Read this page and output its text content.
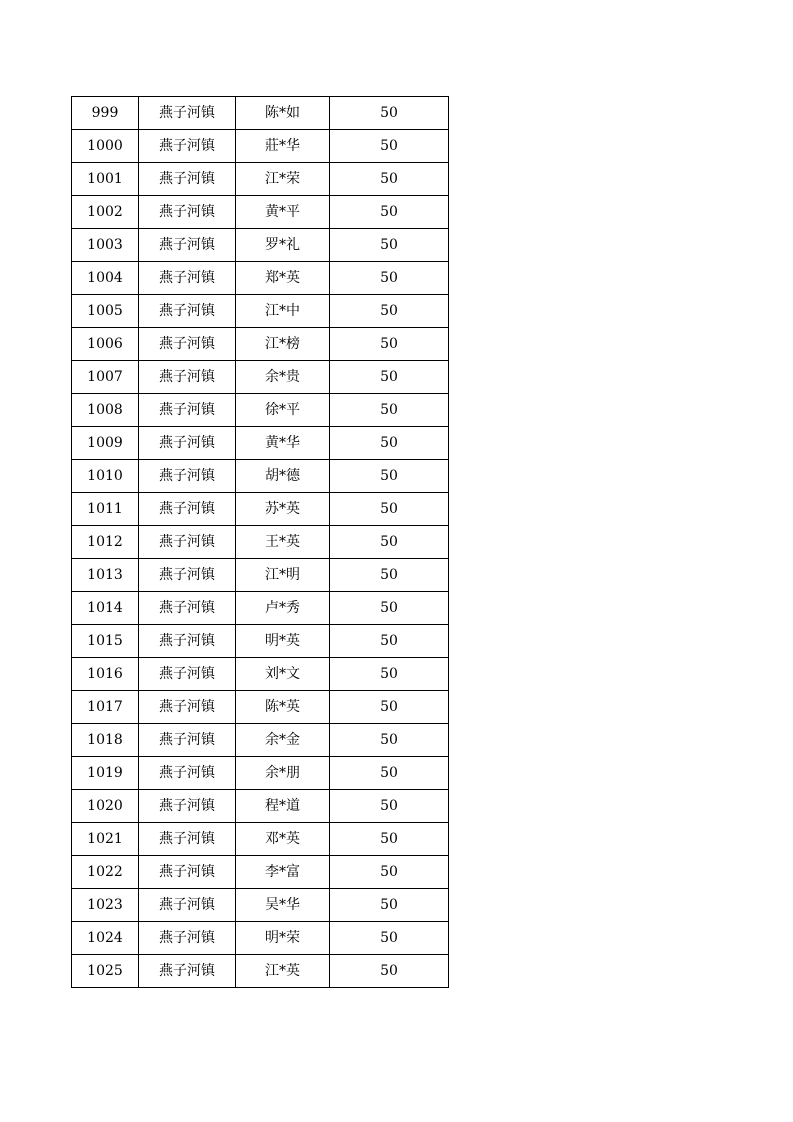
999	燕子河镇	陈*如	50
1000	燕子河镇	莊*华	50
1001	燕子河镇	江*荣	50
1002	燕子河镇	黄*平	50
1003	燕子河镇	罗*礼	50
1004	燕子河镇	郑*英	50
1005	燕子河镇	江*中	50
1006	燕子河镇	江*榜	50
1007	燕子河镇	余*贵	50
1008	燕子河镇	徐*平	50
1009	燕子河镇	黄*华	50
1010	燕子河镇	胡*德	50
1011	燕子河镇	苏*英	50
1012	燕子河镇	王*英	50
1013	燕子河镇	江*明	50
1014	燕子河镇	卢*秀	50
1015	燕子河镇	明*英	50
1016	燕子河镇	刘*文	50
1017	燕子河镇	陈*英	50
1018	燕子河镇	余*金	50
1019	燕子河镇	余*朋	50
1020	燕子河镇	程*道	50
1021	燕子河镇	邓*英	50
1022	燕子河镇	李*富	50
1023	燕子河镇	吴*华	50
1024	燕子河镇	明*荣	50
1025	燕子河镇	江*英	50
